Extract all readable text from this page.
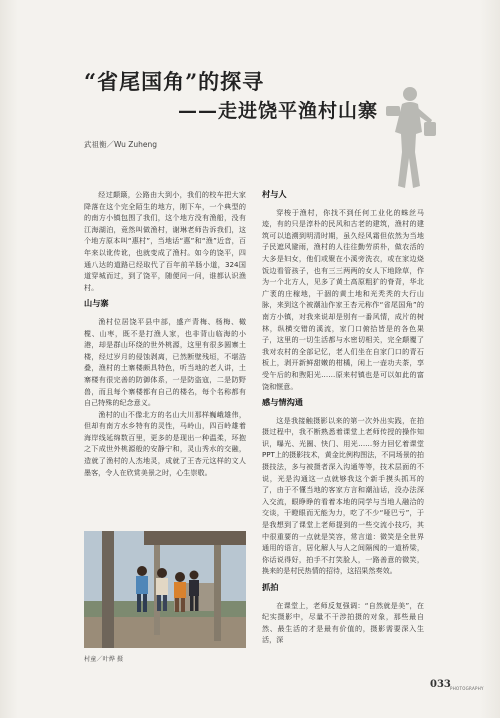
“省尾国角”的探寻
——走进饶平渔村山寨
武祖衡／Wu Zuheng

经过颠簸，公路由大到小，我们的校车把大家降落在这个完全陌生的地方，刚下车，一个典型的的南方小镇包围了我们，这个地方没有渔船，没有江海湖泊，竟然叫做渔村，谢琳老师告诉我们，这个地方原本叫“惠村”，当地话“惠”和“渔”近音，百年来以讹传讹，也就变成了渔村。如今的饶平，四通八达的道路已经取代了百年前羊肠小道，324国道穿城而过，到了饶平，随便问一问，谁都认识渔村。

山与寨

渔村位居饶平县中部，盛产青梅、杨梅、橄榄、山枣，既不是打渔人家，也非背山临海的小港，却是群山环绕的世外桃源，这里有很多圆寨土楼，经过岁月的侵蚀剥离，已然断壁残垣，不堪浩叠，渔村的土寨楼颇具特色，听当地的老人讲，土寨楼有很完善的防御体系，一是防盗寇，二是防野兽，而且每个寨楼都有自己的楼名，每个名称都有自己特殊的纪念意义。

渔村的山不像北方的名山大川那样巍峨雄伟，但却有南方水乡特有的灵性，马岭山，四百岭雄着海岸线延绵数百里，更多的是现出一种温柔，环抱之下成世外桃源般的安静宁和，灵山秀水的交融，造就了渔村的人杰地灵，成就了王杏元这样的文人墨客，令人在欣赏美景之时，心生崇敬。

村与人

穿梭于渔村，你找不到任何工业化的蛛丝马迹，有的只是淳朴的民风和古老的建筑，渔村的建筑可以追溯到明清时期，虽久经风霜但依然为当地子民遮风避雨，渔村的人往往勤劳质朴，做农活的大多是妇女，他们或聚在小溪旁洗衣，或在家边烧饭边看管孩子，也有三三两两的女人下地除草，作为一个北方人，见多了黄土高原粗犷的脊背，华北广袤的庄稼地，干涸的黄土地和光秃秃的大行山脉，来到这个被潮汕作家王杏元称作“省尾国角”的南方小镇，对我来说却是别有一番风情，成片的树林，纵横交错的溪流，家门口俯拾皆是的各色果子，这里的一切生活都与水密切相关，完全颠覆了我对农村的全部记忆，老人们坐在自家门口的青石板上，剥开新鲜甜嫩的柑橘，闲上一壶功夫茶，享受午后的和煦阳光……原来村镇也是可以如此的富饶和惬意。

感与情沟通

这是我接触摄影以来的第一次外出实践，在拍摄过程中，我不断熟悉着课堂上老师传授的操作知识，曝光、光圈、快门、用光……努力回忆着课堂PPT上的摄影技术，黄金比例构图法，不同场景的拍摄技法，多与被摄者深入沟通等等，技术层面的不说，光是沟通这一点就够我这个新手摸头抓耳的了，由于不懂当地的客家方言和潮汕话，没办法深入交流，眼睁睁的看着本地的同学与当地人融洽的交谈，干瞪眼而无能为力，吃了不少“哑巴亏”，于是我想到了课堂上老师提到的一些交流小技巧，其中很重要的一点就是笑容，常言道：微笑是全世界通用的语言，居化解人与人之间隔阂的一道桥梁，你话说得好，拍手不打笑脸人，一路善意的微笑，换来的是村民热情的招待，这招果然奏效。

抓拍

在课堂上，老师反复强调：“自然就是美”，在纪实摄影中，尽量不干涉拍摄的对象，那些最自然、最生活的才是最有价值的，摄影需要深入生活，深

村童／叶烨 摄
033 PHOTOGRAPHY
